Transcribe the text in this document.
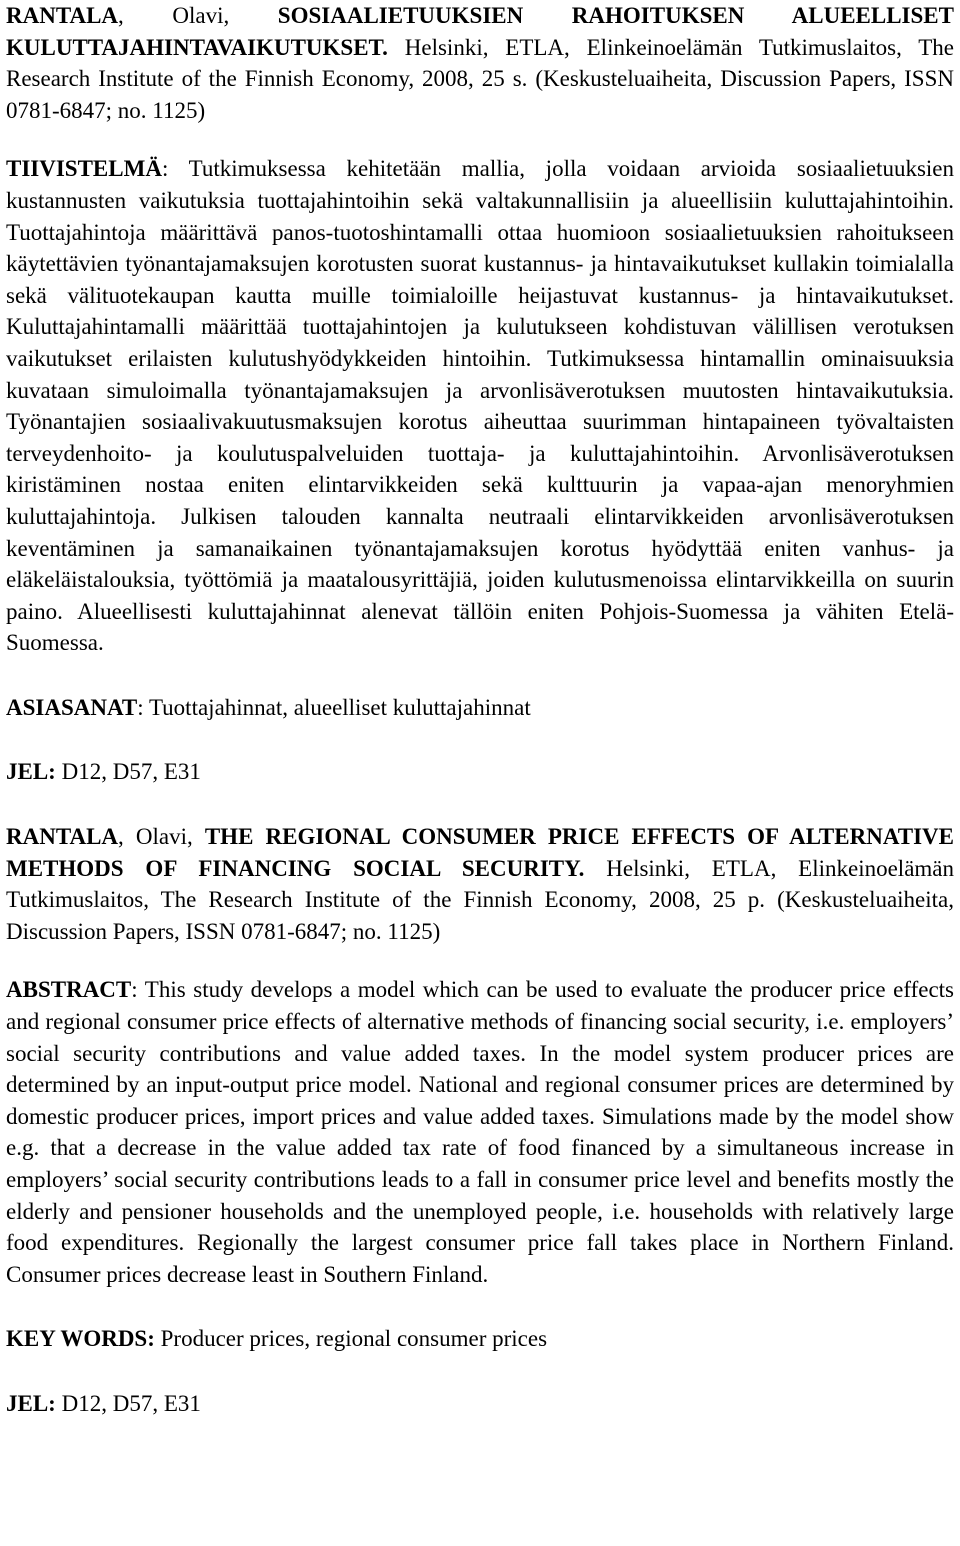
RANTALA, Olavi, SOSIAALIETUUKSIEN RAHOITUKSEN ALUEELLISET KULUTTAJAHINTAVAIKUTUKSET. Helsinki, ETLA, Elinkeinoelämän Tutkimuslaitos, The Research Institute of the Finnish Economy, 2008, 25 s. (Keskusteluaiheita, Discussion Papers, ISSN 0781-6847; no. 1125)

TIIVISTELMÄ: Tutkimuksessa kehitetään mallia, jolla voidaan arvioida sosiaalietuuksien kustannusten vaikutuksia tuottajahintoihin sekä valtakunnallisiin ja alueellisiin kuluttajahintoihin. Tuottajahintoja määrittävä panos-tuotoshintamalli ottaa huomioon sosiaalietuuksien rahoitukseen käytettävien työnantajamaksujen korotusten suorat kustannus- ja hintavaikutukset kullakin toimialalla sekä välituotekaupan kautta muille toimialoille heijastuvat kustannus- ja hintavaikutukset. Kuluttajahintamalli määrittää tuottajahintojen ja kulutukseen kohdistuvan välillisen verotuksen vaikutukset erilaisten kulutushyödykkeiden hintoihin. Tutkimuksessa hintamallin ominaisuuksia kuvataan simuloimalla työnantajamaksujen ja arvonlisäverotuksen muutosten hintavaikutuksia. Työnantajien sosiaalivakuutusmaksujen korotus aiheuttaa suurimman hintapaineen työvaltaisten terveydenhoito- ja koulutuspalveluiden tuottaja- ja kuluttajahintoihin. Arvonlisäverotuksen kiristäminen nostaa eniten elintarvikkeiden sekä kulttuurin ja vapaa-ajan menoryhmien kuluttajahintoja. Julkisen talouden kannalta neutraali elintarvikkeiden arvonlisäverotuksen keventäminen ja samanaikainen työnantajamaksujen korotus hyödyttää eniten vanhus- ja eläkeläistalouksia, työttömiä ja maatalousyrittäjiä, joiden kulutusmenoissa elintarvikkeilla on suurin paino. Alueellisesti kuluttajahinnat alenevat tällöin eniten Pohjois-Suomessa ja vähiten Etelä-Suomessa.

ASIASANAT: Tuottajahinnat, alueelliset kuluttajahinnat

JEL: D12, D57, E31

RANTALA, Olavi, THE REGIONAL CONSUMER PRICE EFFECTS OF ALTERNATIVE METHODS OF FINANCING SOCIAL SECURITY. Helsinki, ETLA, Elinkeinoelämän Tutkimuslaitos, The Research Institute of the Finnish Economy, 2008, 25 p. (Keskusteluaiheita, Discussion Papers, ISSN 0781-6847; no. 1125)

ABSTRACT: This study develops a model which can be used to evaluate the producer price effects and regional consumer price effects of alternative methods of financing social security, i.e. employers’ social security contributions and value added taxes. In the model system producer prices are determined by an input-output price model. National and regional consumer prices are determined by domestic producer prices, import prices and value added taxes. Simulations made by the model show e.g. that a decrease in the value added tax rate of food financed by a simultaneous increase in employers’ social security contributions leads to a fall in consumer price level and benefits mostly the elderly and pensioner households and the unemployed people, i.e. households with relatively large food expenditures. Regionally the largest consumer price fall takes place in Northern Finland. Consumer prices decrease least in Southern Finland.

KEY WORDS: Producer prices, regional consumer prices

JEL: D12, D57, E31
